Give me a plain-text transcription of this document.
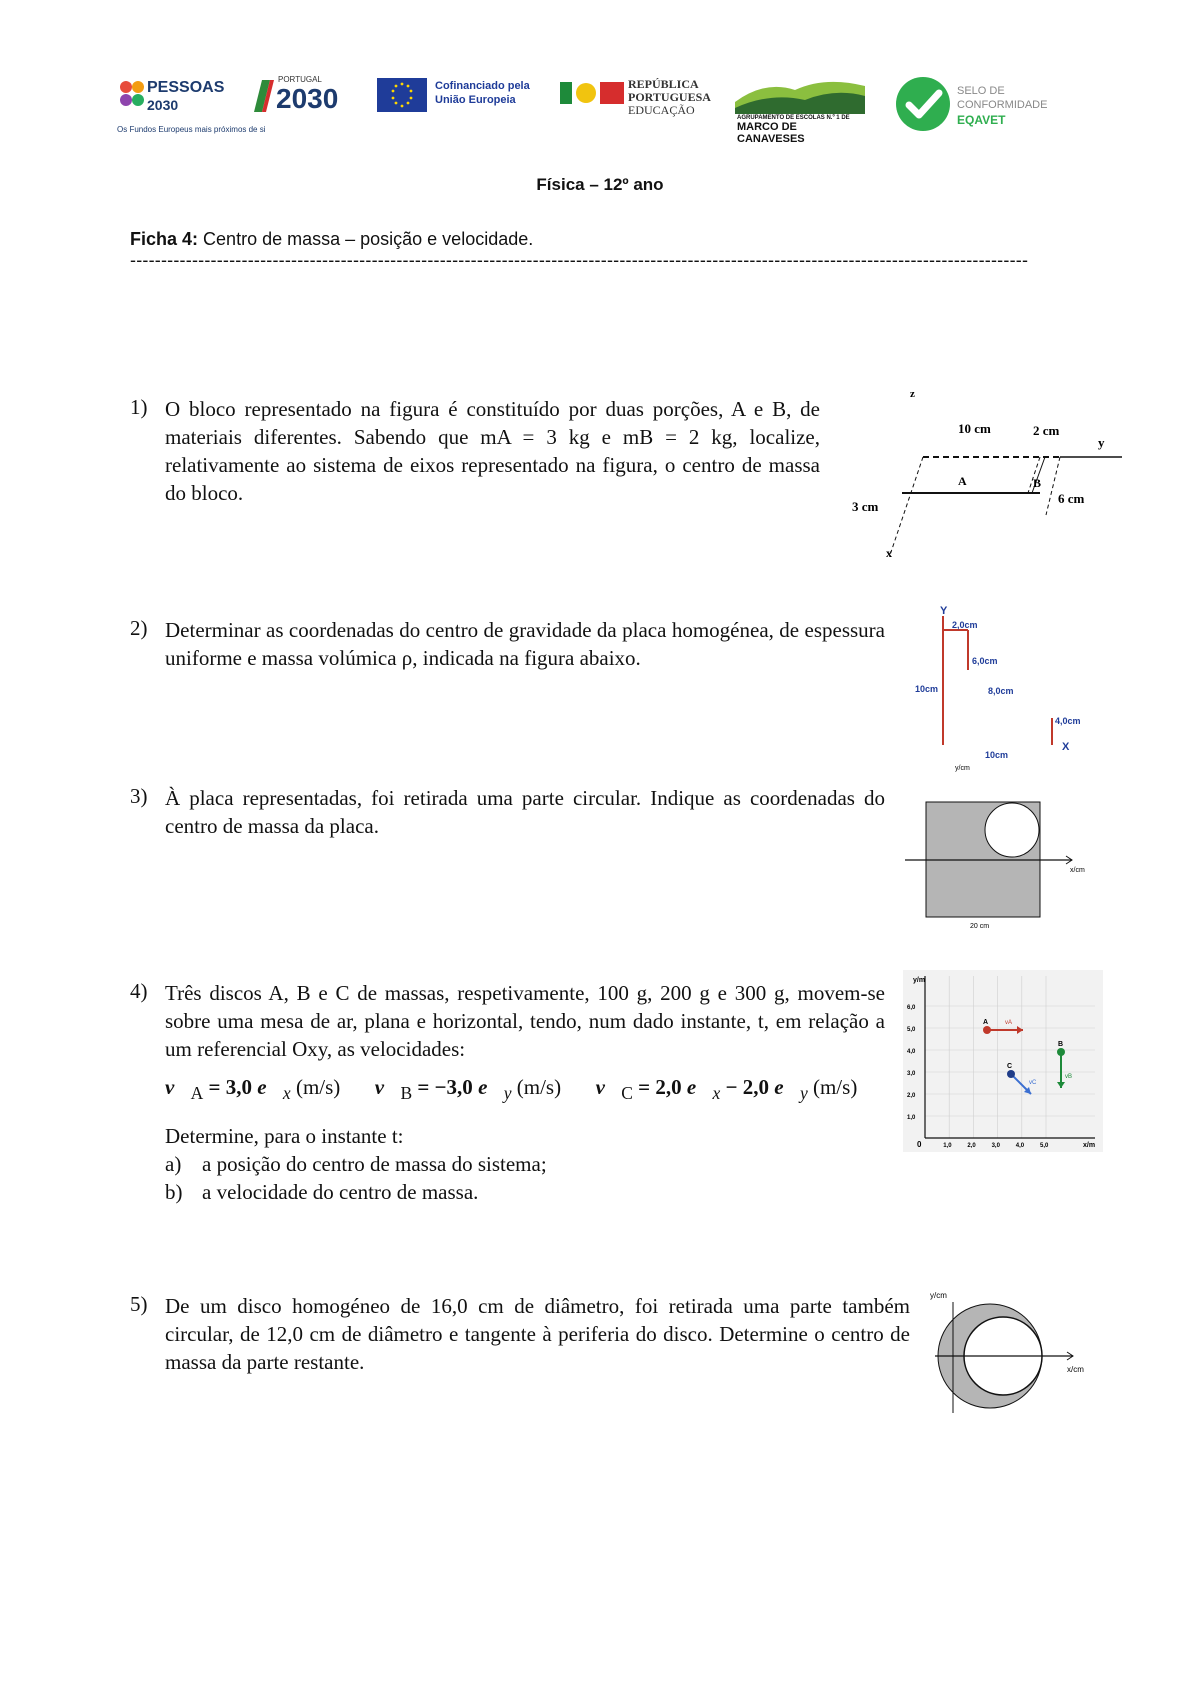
PESSOAS
2030
Os Fundos Europeus mais próximos de si
PORTUGAL
2030	Cofinanciado pela
União Europeia
REPÚBLICA
PORTUGUESA
EDUCAÇÃO
AGRUPAMENTO DE ESCOLAS N.º 1 DE
MARCO DE CANAVESES
SELO DE
CONFORMIDADE
EQAVET
Física – 12º ano
Ficha 4: Centro de massa – posição e velocidade.
-------------------------------------------------------------------------------------------------------------------------------------------------
1) O bloco representado na figura é constituído por duas porções, A e B, de materiais diferentes. Sabendo que mA = 3 kg e mB = 2 kg, localize, relativamente ao sistema de eixos representado na figura, o centro de massa do bloco.
z
10 cm	2 cm
y
A	B
3 cm
6 cm
x
2) Determinar as coordenadas do centro de gravidade da placa homogénea, de espessura uniforme e massa volúmica ρ, indicada na figura abaixo.
Y
2,0cm
6,0cm
10cm	8,0cm
4,0cm
X
10cm
3) À placa representadas, foi retirada uma parte circular. Indique as coordenadas do centro de massa da placa.
y/cm
x/cm
20 cm
4) Três discos A, B e C de massas, respetivamente, 100 g, 200 g e 300 g, movem-se sobre uma mesa de ar, plana e horizontal, tendo, num dado instante, t, em relação a um referencial Oxy, as velocidades:
$v⃗_A = 3,0$ $e⃗_x$ (m/s) $v⃗_B = -3,0$ $e⃗_y$ (m/s) $v⃗_C = 2,0$ $e⃗_x - 2,0$ $e⃗_y$ (m/s)
Determine, para o instante t:
a) a posição do centro de massa do sistema;
b) a velocidade do centro de massa.
y/m
x/m
0
1,0
2,0
3,0
4,0
5,0
6,0
1,0	2,0	3,0	4,0	5,0
A	vA
B
vB
C
vC
5) De um disco homogéneo de 16,0 cm de diâmetro, foi retirada uma parte também circular, de 12,0 cm de diâmetro e tangente à periferia do disco. Determine o centro de massa da parte restante.
y/cm
x/cm
